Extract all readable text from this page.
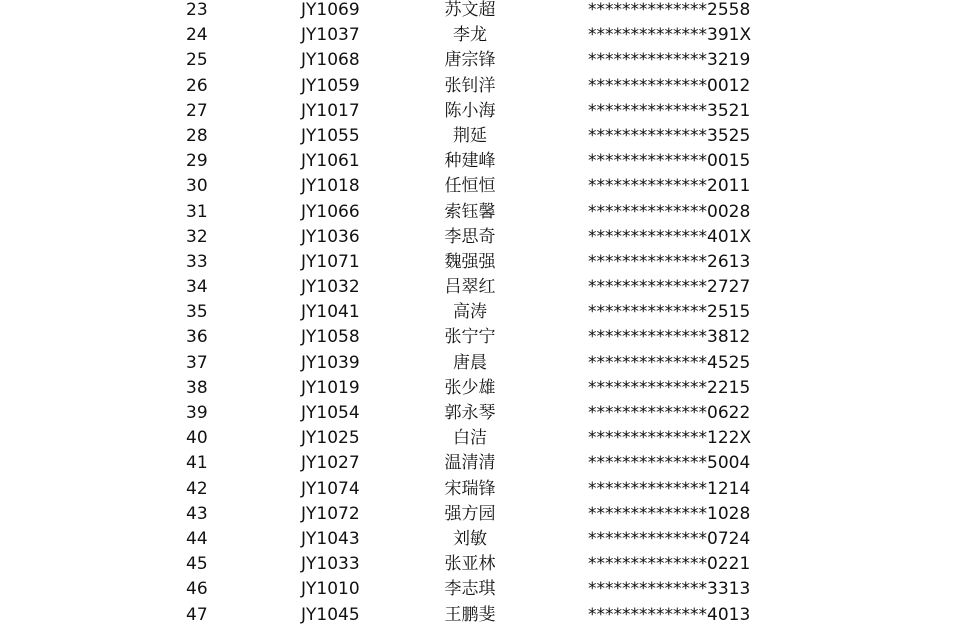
23	JY1069	苏文超	**************2558
24	JY1037	李龙	**************391X
25	JY1068	唐宗锋	**************3219
26	JY1059	张钊洋	**************0012
27	JY1017	陈小海	**************3521
28	JY1055	荆延	**************3525
29	JY1061	种建峰	**************0015
30	JY1018	任恒恒	**************2011
31	JY1066	索钰馨	**************0028
32	JY1036	李思奇	**************401X
33	JY1071	魏强强	**************2613
34	JY1032	吕翠红	**************2727
35	JY1041	高涛	**************2515
36	JY1058	张宁宁	**************3812
37	JY1039	唐晨	**************4525
38	JY1019	张少雄	**************2215
39	JY1054	郭永琴	**************0622
40	JY1025	白洁	**************122X
41	JY1027	温清清	**************5004
42	JY1074	宋瑞锋	**************1214
43	JY1072	强方园	**************1028
44	JY1043	刘敏	**************0724
45	JY1033	张亚林	**************0221
46	JY1010	李志琪	**************3313
47	JY1045	王鹏斐	**************4013
